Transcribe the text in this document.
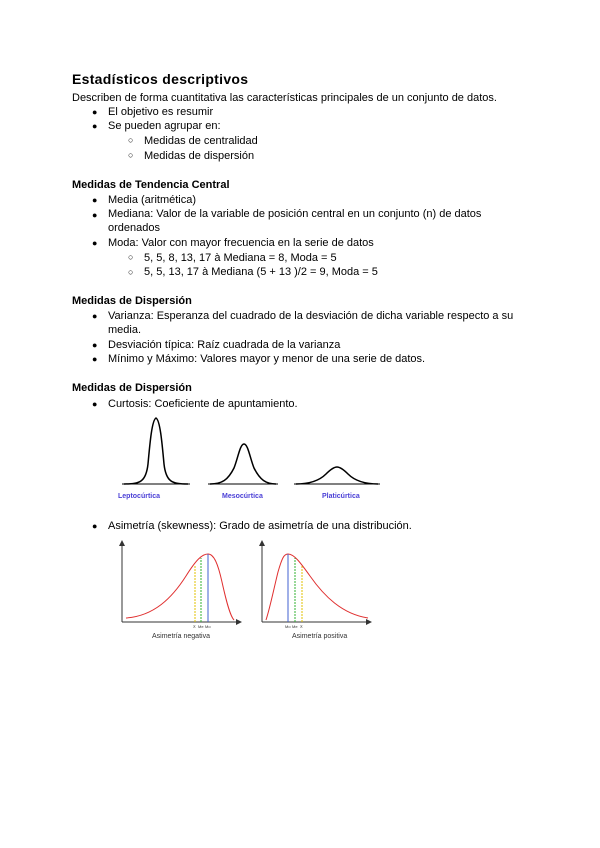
Estadísticos descriptivos
Describen de forma cuantitativa las características principales de un conjunto de datos.
● El objetivo es resumir
● Se pueden agrupar en:
○ Medidas de centralidad
○ Medidas de dispersión
Medidas de Tendencia Central
● Media (aritmética)
● Mediana: Valor de la variable de posición central en un conjunto (n) de datos
ordenados
● Moda: Valor con mayor frecuencia en la serie de datos
○ 5, 5, 8, 13, 17 à Mediana = 8, Moda = 5
○ 5, 5, 13, 17 à Mediana (5 + 13 )/2 = 9, Moda = 5
Medidas de Dispersión
● Varianza: Esperanza del cuadrado de la desviación de dicha variable respecto a su
media.
● Desviación típica: Raíz cuadrada de la varianza
● Mínimo y Máximo: Valores mayor y menor de una serie de datos.
Medidas de Dispersión
● Curtosis: Coeficiente de apuntamiento.
Leptocúrtica	Mesocúrtica	Platicúrtica
● Asimetría (skewness): Grado de asimetría de una distribución.
X̄ Me Mo
Asimetría negativa
Mo Me X̄
Asimetría positiva
